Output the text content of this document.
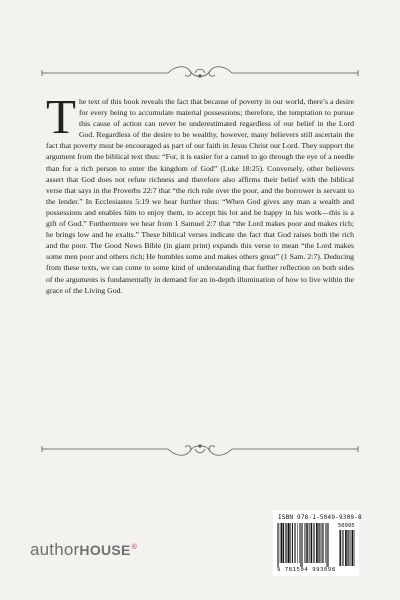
The text of this book reveals the fact that because of poverty in our world, there’s a desire for every being to accumulate material possessions; therefore, the temptation to pursue this cause of action can never be underestimated regardless of our belief in the Lord God. Regardless of the desire to be wealthy, however, many believers still ascertain the fact that poverty must be encouraged as part of our faith in Jesus Christ our Lord. They support the argument from the biblical text thus: “For, it is easier for a camel to go through the eye of a needle than for a rich person to enter the kingdom of God” (Luke 18:25). Conversely, other believers assert that God does not refute richness and therefore also affirms their belief with the biblical verse that says in the Proverbs 22:7 that “the rich rule over the poor, and the borrower is servant to the lender.” In Ecclesiastes 5:19 we hear further thus: “When God gives any man a wealth and possessions and enables him to enjoy them, to accept his lot and be happy in his work—this is a gift of God.” Furthermore we hear from 1 Samuel 2:7 that “the Lord makes poor and makes rich; he brings low and he exalts.” These biblical verses indicate the fact that God raises both the rich and the poor. The Good News Bible (in giant print) expands this verse to mean “the Lord makes some men poor and others rich; He humbles some and makes others great” (1 Sam. 2:7). Deducing from these texts, we can come to some kind of understanding that further reflection on both sides of the arguments is fundamentally in demand for an in-depth illumination of how to live within the grace of the Living God.

ISBN 978-1-5049-9309-8
50995
9 781504 993098
authorHOUSE®
